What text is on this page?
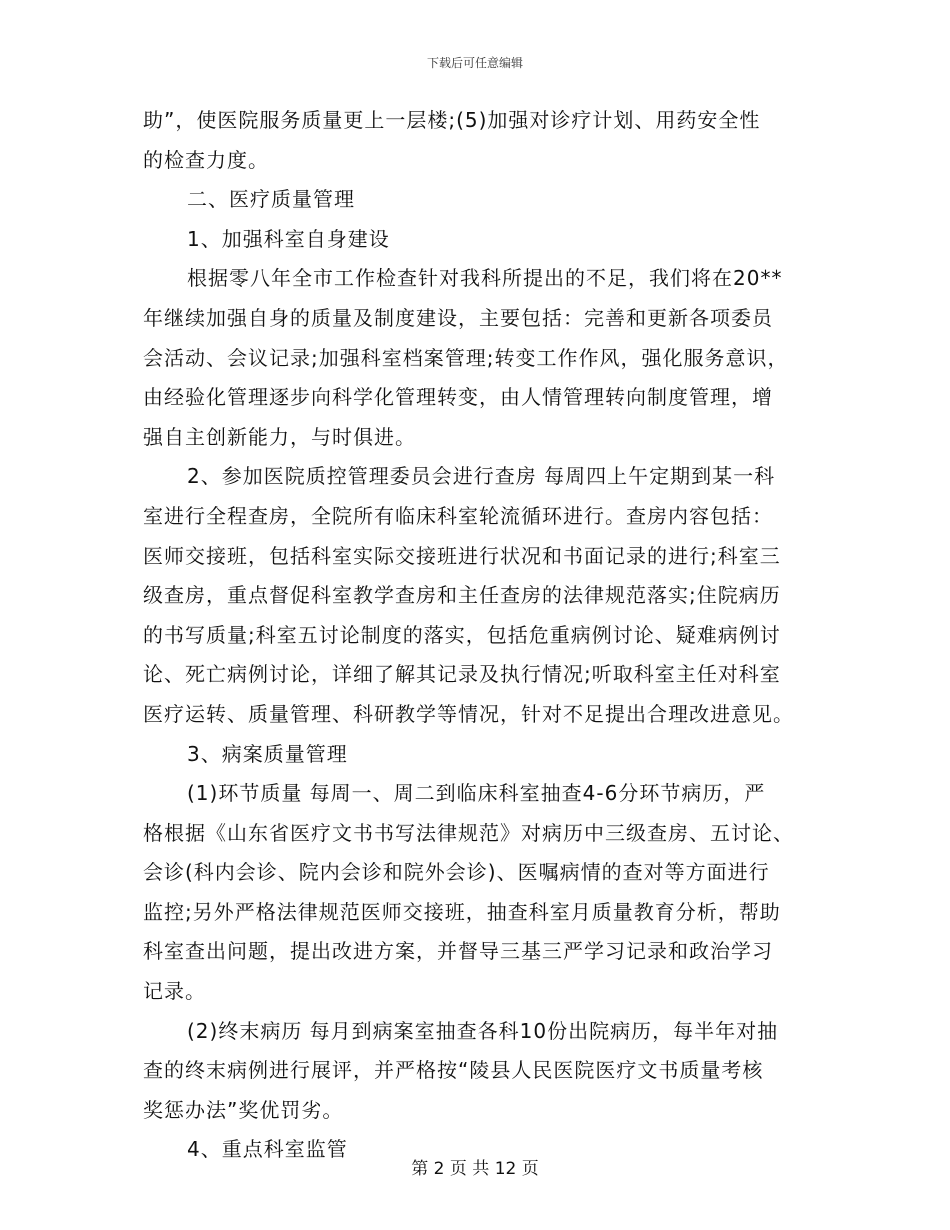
下载后可任意编辑
助”，使医院服务质量更上一层楼;(5)加强对诊疗计划、用药安全性
的检查力度。
二、医疗质量管理
1、加强科室自身建设
根据零八年全市工作检查针对我科所提出的不足，我们将在20**
年继续加强自身的质量及制度建设，主要包括：完善和更新各项委员
会活动、会议记录;加强科室档案管理;转变工作作风，强化服务意识，
由经验化管理逐步向科学化管理转变，由人情管理转向制度管理，增
强自主创新能力，与时俱进。
2、参加医院质控管理委员会进行查房 每周四上午定期到某一科
室进行全程查房，全院所有临床科室轮流循环进行。查房内容包括：
医师交接班，包括科室实际交接班进行状况和书面记录的进行;科室三
级查房，重点督促科室教学查房和主任查房的法律规范落实;住院病历
的书写质量;科室五讨论制度的落实，包括危重病例讨论、疑难病例讨
论、死亡病例讨论，详细了解其记录及执行情况;听取科室主任对科室
医疗运转、质量管理、科研教学等情况，针对不足提出合理改进意见。
3、病案质量管理
(1)环节质量 每周一、周二到临床科室抽查4-6分环节病历，严
格根据《山东省医疗文书书写法律规范》对病历中三级查房、五讨论、
会诊(科内会诊、院内会诊和院外会诊)、医嘱病情的查对等方面进行
监控;另外严格法律规范医师交接班，抽查科室月质量教育分析，帮助
科室查出问题，提出改进方案，并督导三基三严学习记录和政治学习
记录。
(2)终末病历 每月到病案室抽查各科10份出院病历，每半年对抽
查的终末病例进行展评，并严格按“陵县人民医院医疗文书质量考核
奖惩办法”奖优罚劣。
4、重点科室监管
第 2 页 共 12 页
